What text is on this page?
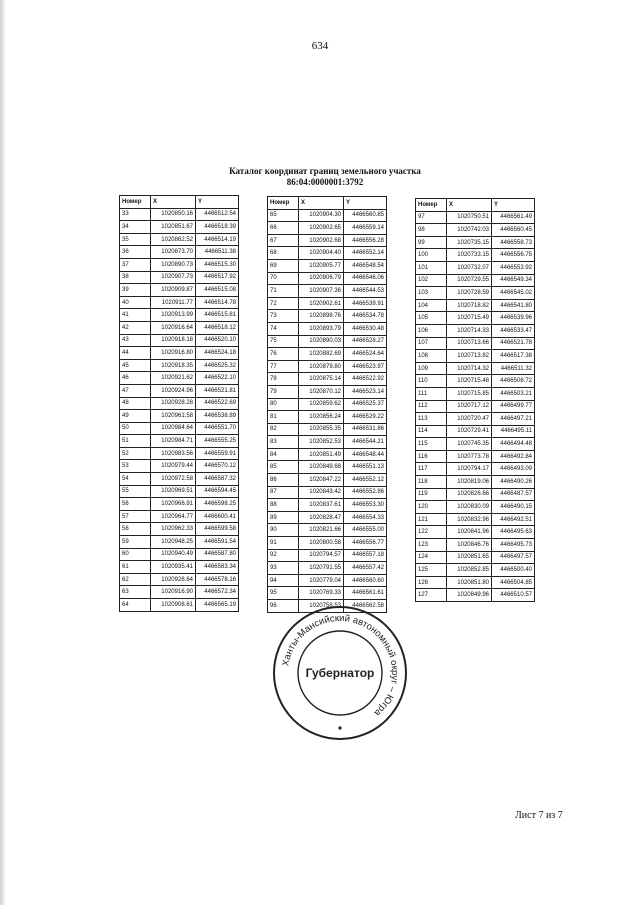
634
Каталог координат границ земельного участка
86:04:0000001:3792
Номер	X	Y
33	1020850.16	4466512.54
34	1020851.67	4466518.39
35	1020862.52	4466514.19
36	1020873.70	4466511.38
37	1020890.73	4466515.30
38	1020907.73	4466517.92
39	1020909.87	4466515.08
40	1020911.77	4466514.78
41	1020913.99	4466515.81
42	1020916.64	4466518.12
43	1020918.18	4466520.10
44	1020916.80	4466524.18
45	1020918.35	4466525.32
46	1020921.62	4466522.10
47	1020924.96	4466521.81
48	1020928.28	4466522.69
49	1020961.58	4466538.89
50	1020984.64	4466551.70
51	1020984.71	4466555.25
52	1020983.56	4466559.91
53	1020979.44	4466570.12
54	1020972.58	4466587.32
55	1020969.51	4466594.45
56	1020966.91	4466598.25
57	1020964.77	4466600.41
58	1020962.33	4466599.58
59	1020948.25	4466591.54
60	1020940.49	4466587.80
61	1020935.41	4466583.34
62	1020926.64	4466578.16
63	1020916.90	4466572.34
64	1020908.61	4466565.19
Номер	X	Y
65	1020904.30	4466560.85
66	1020902.65	4466559.14
67	1020902.68	4466556.28
68	1020904.40	4466552.14
69	1020905.77	4466548.54
70	1020906.79	4466546.06
71	1020907.36	4466544.53
72	1020902.61	4466539.91
73	1020898.76	4466534.78
74	1020893.79	4466530.48
75	1020890.03	4466528.27
76	1020882.69	4466524.64
77	1020879.80	4466523.97
78	1020875.14	4466522.92
79	1020870.12	4466523.14
80	1020859.62	4466525.37
81	1020856.24	4466529.22
82	1020855.35	4466531.86
83	1020852.53	4466544.21
84	1020851.49	4466548.44
85	1020849.68	4466551.13
86	1020847.22	4466552.12
87	1020843.42	4466552.86
88	1020837.61	4466553.30
89	1020828.47	4466554.33
90	1020821.66	4466555.00
91	1020800.58	4466556.77
92	1020794.57	4466557.18
93	1020791.55	4466557.42
94	1020779.04	4466560.60
95	1020769.33	4466561.61
96	1020758.53	4466562.58
Номер	X	Y
97	1020750.51	4466561.49
98	1020742.03	4466560.45
99	1020735.15	4466558.73
100	1020733.15	4466556.75
101	1020732.07	4466553.92
102	1020729.55	4466549.34
103	1020728.59	4466545.02
104	1020718.82	4466541.80
105	1020715.49	4466539.96
106	1020714.33	4466533.47
107	1020713.66	4466521.78
108	1020713.82	4466517.38
109	1020714.32	4466511.32
110	1020715.48	4466506.72
111	1020715.85	4466503.21
112	1020717.12	4466499.77
113	1020720.47	4466497.21
114	1020729.41	4466495.11
115	1020745.35	4466494.48
116	1020773.78	4466492.84
117	1020794.17	4466493.09
118	1020819.06	4466490.26
119	1020826.66	4466487.57
120	1020830.09	4466490.15
121	1020832.96	4466492.51
122	1020841.96	4466495.63
123	1020846.76	4466495.73
124	1020851.65	4466497.57
125	1020852.85	4466500.40
126	1020851.80	4466504.85
127	1020849.96	4466510.57
Ханты-Мансийский автономный округ – Югра
Губернатор
Лист 7 из 7
